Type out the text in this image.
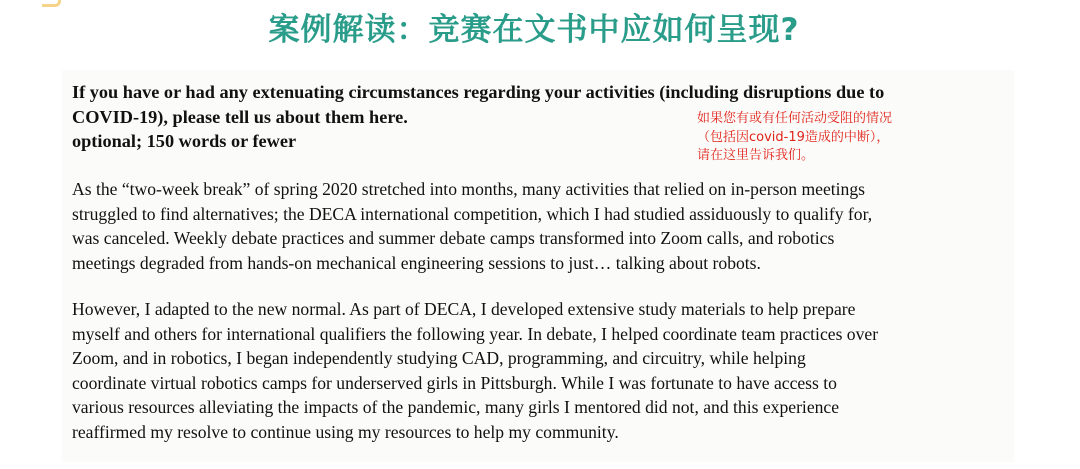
案例解读：竞赛在文书中应如何呈现?
If you have or had any extenuating circumstances regarding your activities (including disruptions due to
COVID-19), please tell us about them here.
optional; 150 words or fewer
如果您有或有任何活动受阻的情况
（包括因covid-19造成的中断），
请在这里告诉我们。
As the “two-week break” of spring 2020 stretched into months, many activities that relied on in-person meetings
struggled to find alternatives; the DECA international competition, which I had studied assiduously to qualify for,
was canceled. Weekly debate practices and summer debate camps transformed into Zoom calls, and robotics
meetings degraded from hands-on mechanical engineering sessions to just… talking about robots.
However, I adapted to the new normal. As part of DECA, I developed extensive study materials to help prepare
myself and others for international qualifiers the following year. In debate, I helped coordinate team practices over
Zoom, and in robotics, I began independently studying CAD, programming, and circuitry, while helping
coordinate virtual robotics camps for underserved girls in Pittsburgh. While I was fortunate to have access to
various resources alleviating the impacts of the pandemic, many girls I mentored did not, and this experience
reaffirmed my resolve to continue using my resources to help my community.
